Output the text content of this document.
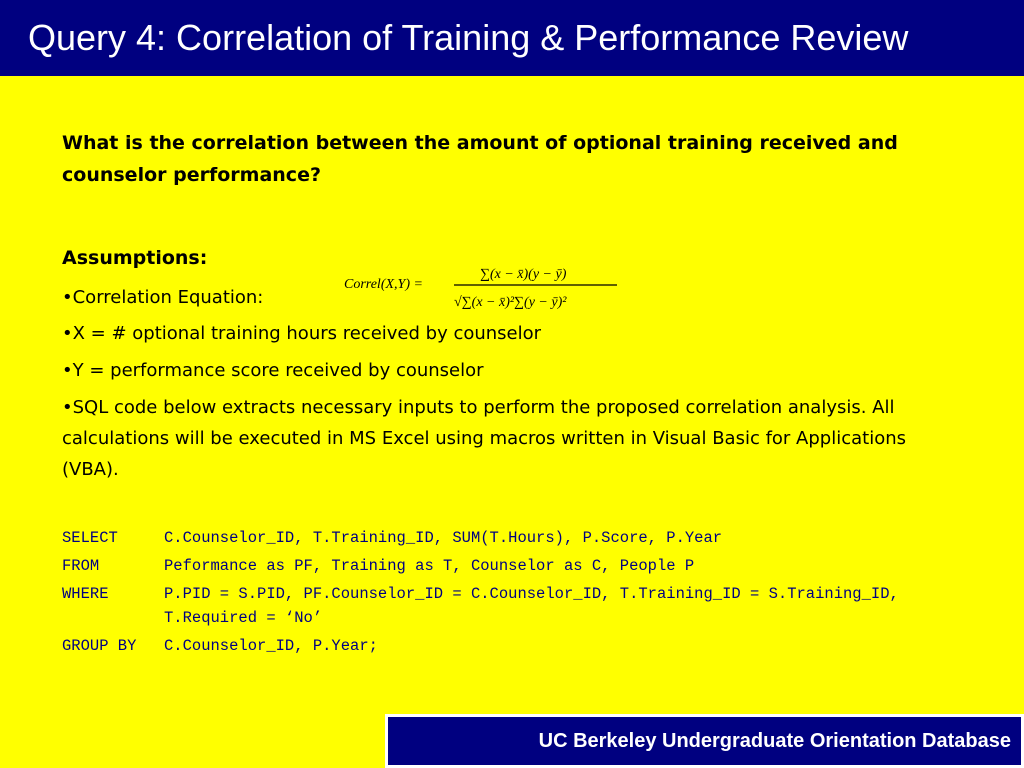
Query 4: Correlation of Training & Performance Review
What is the correlation between the amount of optional training received and counselor performance?
Assumptions:
•Correlation Equation:
•X = # optional training hours received by counselor
•Y = performance score received by counselor
•SQL code below extracts necessary inputs to perform the proposed correlation analysis. All calculations will be executed in MS Excel using macros written in Visual Basic for Applications (VBA).
Correl(X,Y) =
∑(x − x̄)(y − ȳ)
√∑(x − x̄)²∑(y − ȳ)²
SELECT	C.Counselor_ID, T.Training_ID, SUM(T.Hours), P.Score, P.Year
FROM	Peformance as PF, Training as T, Counselor as C, People P
WHERE	P.PID = S.PID, PF.Counselor_ID = C.Counselor_ID, T.Training_ID = S.Training_ID, T.Required = ‘No’
GROUP BY	C.Counselor_ID, P.Year;
UC Berkeley Undergraduate Orientation Database
